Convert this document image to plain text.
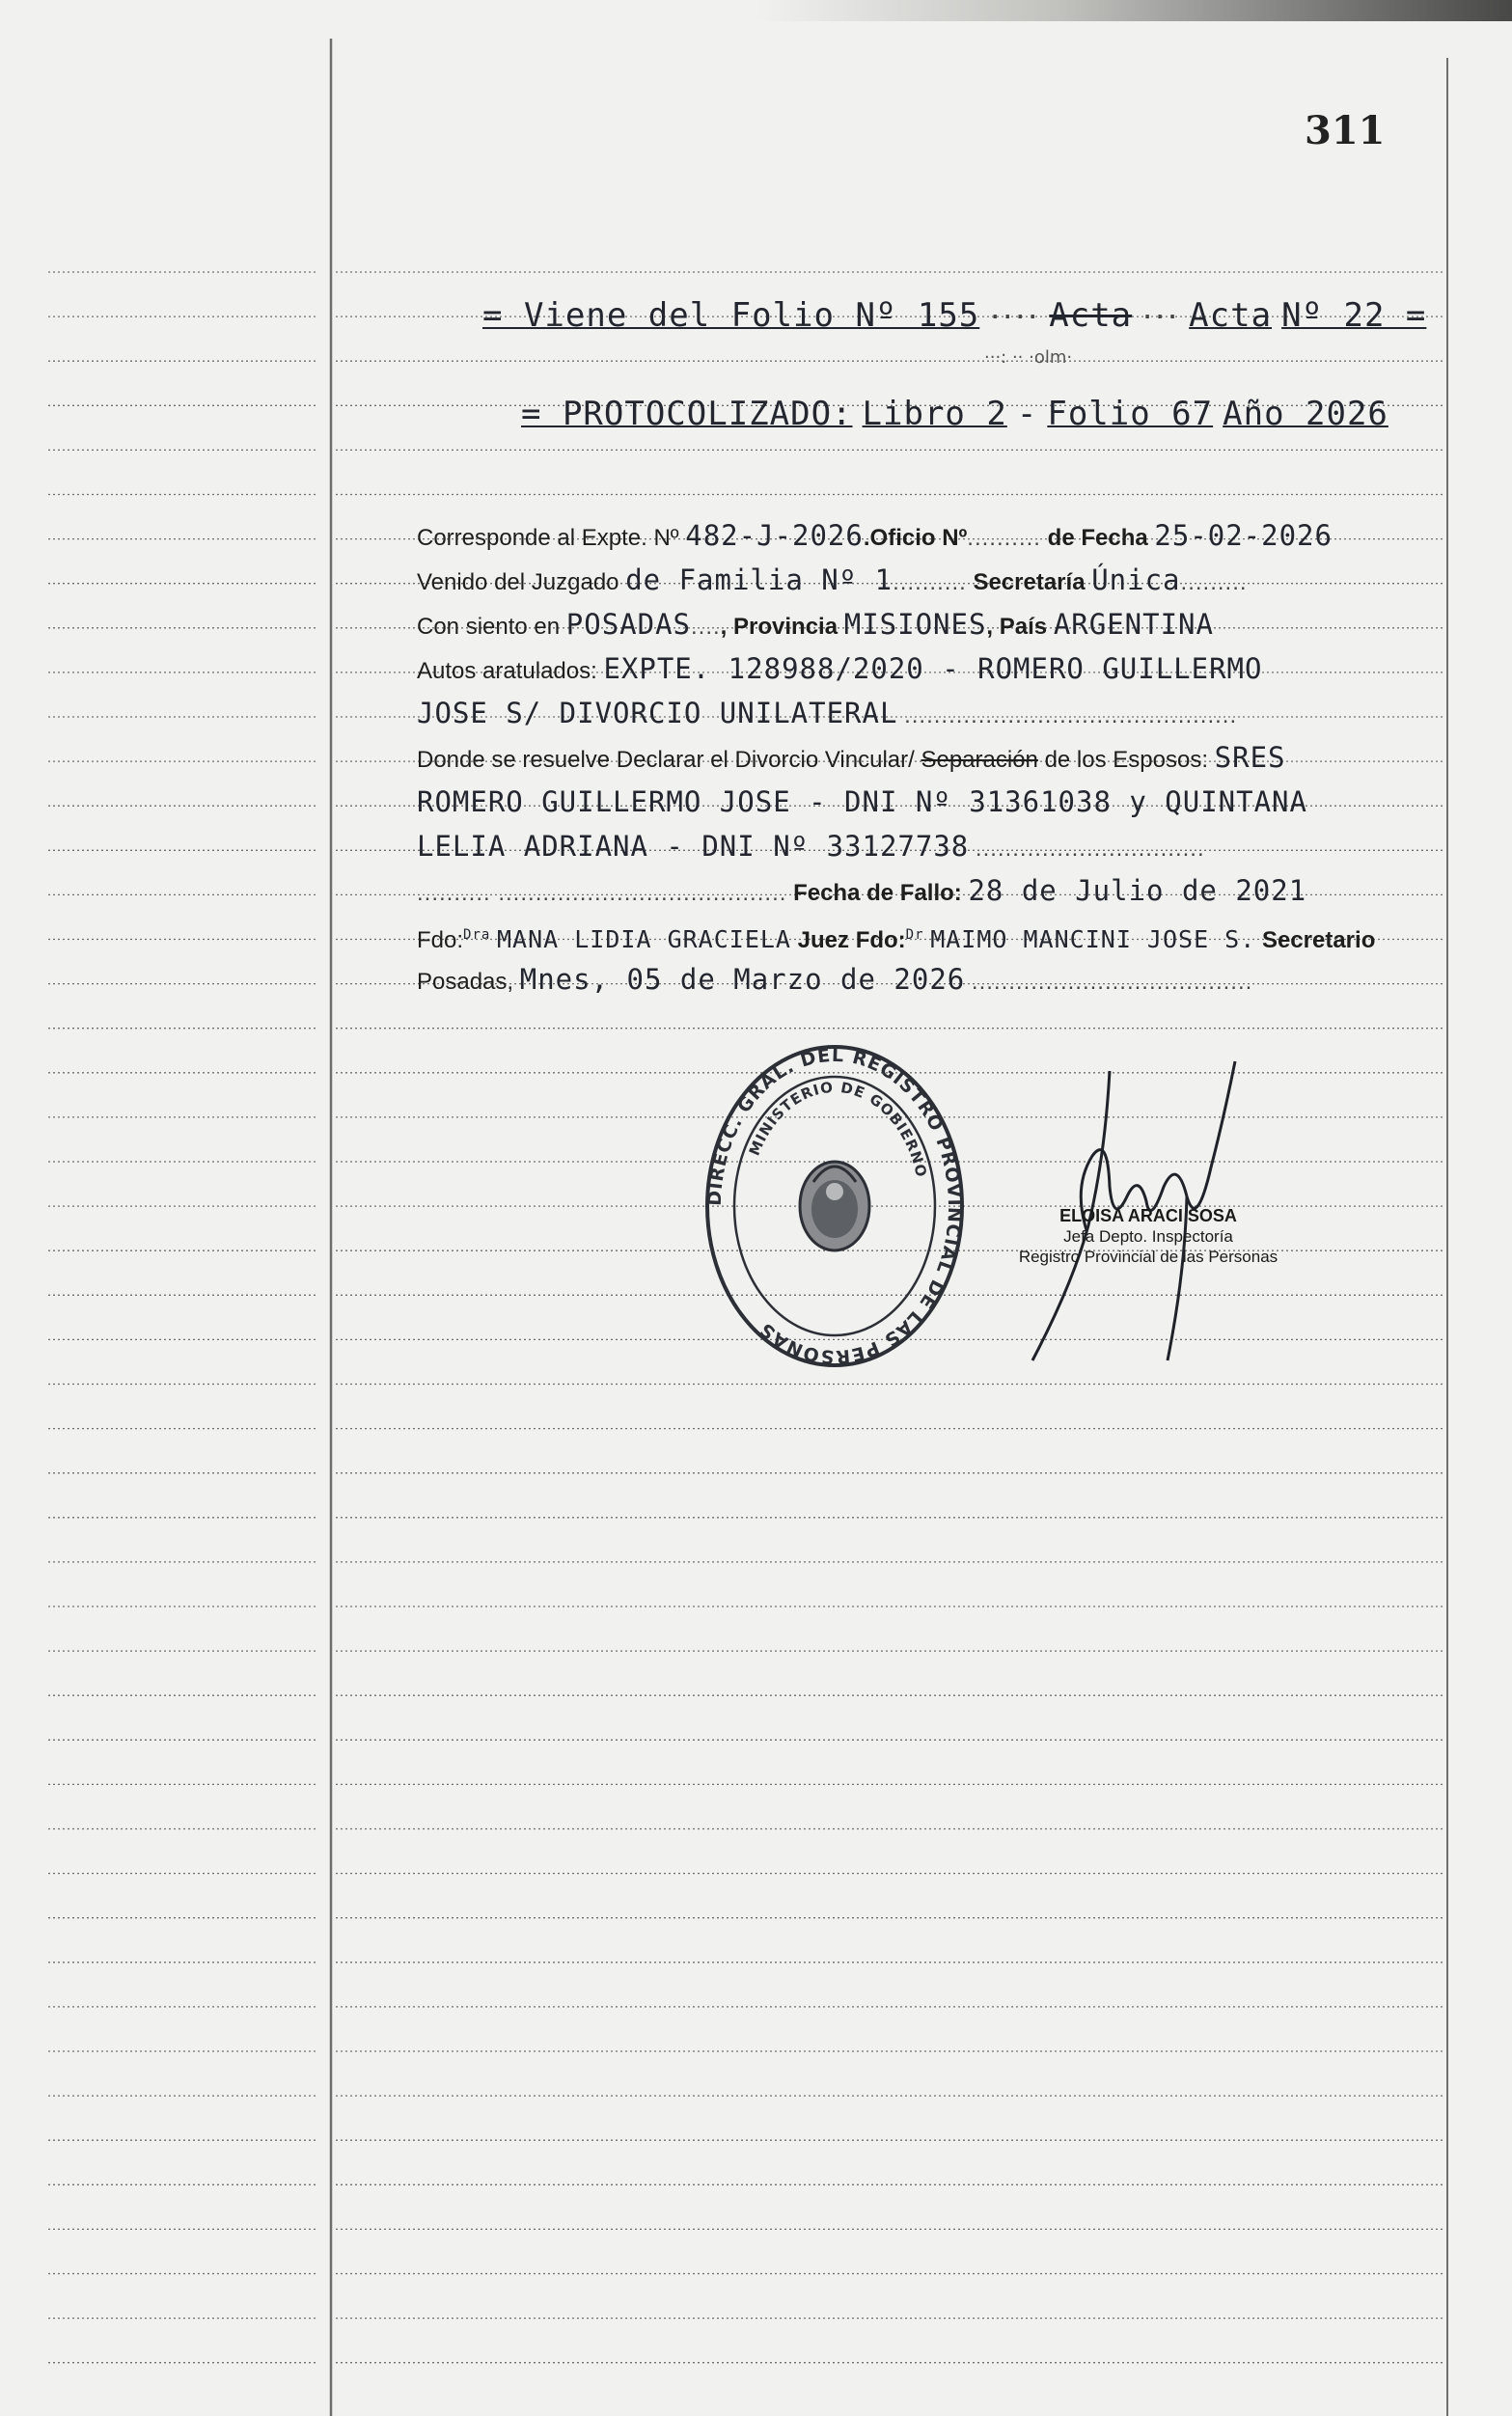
311
= Viene del Folio Nº 155 ···· Acta ··· Acta Nº 22 =
···: ·· ·olm·
= PROTOCOLIZADO: Libro 2 - Folio 67 Año 2026
Corresponde al Expte. Nº 482-J-2026.Oficio Nº.......... de Fecha 25-02-2026
Venido del Juzgado de Familia Nº 1.......... Secretaría Única.........
Con siento en POSADAS...., Provincia MISIONES, País ARGENTINA
Autos aratulados: EXPTE. 128988/2020 - ROMERO GUILLERMO
JOSE S/ DIVORCIO UNILATERAL .............................................
Donde se resuelve Declarar el Divorcio Vincular/ Separación de los Esposos: SRES
ROMERO GUILLERMO JOSE - DNI Nº 31361038 y QUINTANA
LELIA ADRIANA - DNI Nº 33127738 ...............................
.......... ....................................... Fecha de Fallo: 28 de Julio de 2021
Fdo:$^{Dra}$ MANA LIDIA GRACIELA Juez Fdo:$^{Dr}$ MAIMO MANCINI JOSE S. Secretario
Posadas, Mnes, 05 de Marzo de 2026 ......................................
DIRECC. GRAL. DEL REGISTRO PROVINCIAL DE LAS PERSONAS
MINISTERIO DE GOBIERNO
ELOISA ARACI SOSA
Jefa Depto. Inspectoría
Registro Provincial de las Personas
